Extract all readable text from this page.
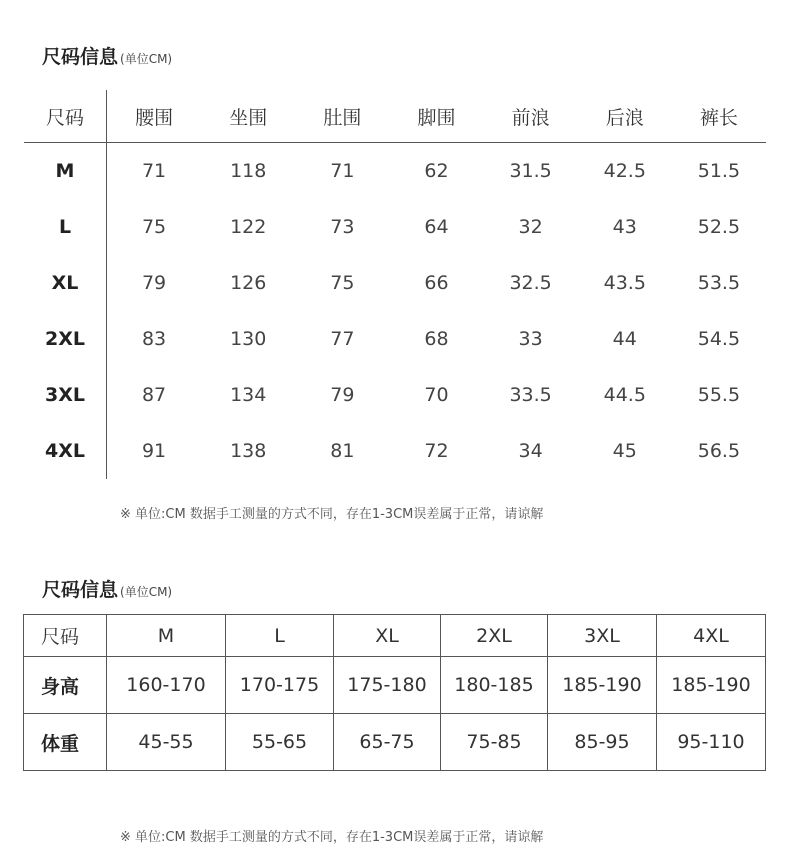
尺码信息 (单位CM)
尺码	腰围	坐围	肚围	脚围	前浪	后浪	裤长
M	71	118	71	62	31.5	42.5	51.5
L	75	122	73	64	32	43	52.5
XL	79	126	75	66	32.5	43.5	53.5
2XL	83	130	77	68	33	44	54.5
3XL	87	134	79	70	33.5	44.5	55.5
4XL	91	138	81	72	34	45	56.5
※ 单位:CM 数据手工测量的方式不同，存在1-3CM误差属于正常，请谅解
尺码信息 (单位CM)
尺码	M	L	XL	2XL	3XL	4XL
身高	160-170	170-175	175-180	180-185	185-190	185-190
体重	45-55	55-65	65-75	75-85	85-95	95-110
※ 单位:CM 数据手工测量的方式不同，存在1-3CM误差属于正常，请谅解
